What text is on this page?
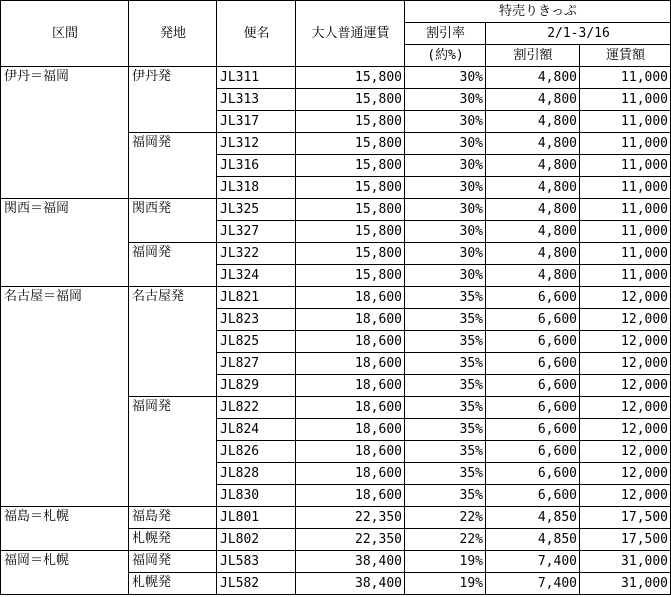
区間	発地	便名	大人普通運賃	特売りきっぷ		
				割引率	2/1-3/16	
				(約%)	割引額	運賃額
伊丹＝福岡	伊丹発	JL311	15,800	30%	4,800	11,000
		JL313	15,800	30%	4,800	11,000
		JL317	15,800	30%	4,800	11,000
	福岡発	JL312	15,800	30%	4,800	11,000
		JL316	15,800	30%	4,800	11,000
		JL318	15,800	30%	4,800	11,000
関西＝福岡	関西発	JL325	15,800	30%	4,800	11,000
		JL327	15,800	30%	4,800	11,000
	福岡発	JL322	15,800	30%	4,800	11,000
		JL324	15,800	30%	4,800	11,000
名古屋＝福岡	名古屋発	JL821	18,600	35%	6,600	12,000
		JL823	18,600	35%	6,600	12,000
		JL825	18,600	35%	6,600	12,000
		JL827	18,600	35%	6,600	12,000
		JL829	18,600	35%	6,600	12,000
	福岡発	JL822	18,600	35%	6,600	12,000
		JL824	18,600	35%	6,600	12,000
		JL826	18,600	35%	6,600	12,000
		JL828	18,600	35%	6,600	12,000
		JL830	18,600	35%	6,600	12,000
福島＝札幌	福島発	JL801	22,350	22%	4,850	17,500
	札幌発	JL802	22,350	22%	4,850	17,500
福岡＝札幌	福岡発	JL583	38,400	19%	7,400	31,000
	札幌発	JL582	38,400	19%	7,400	31,000
